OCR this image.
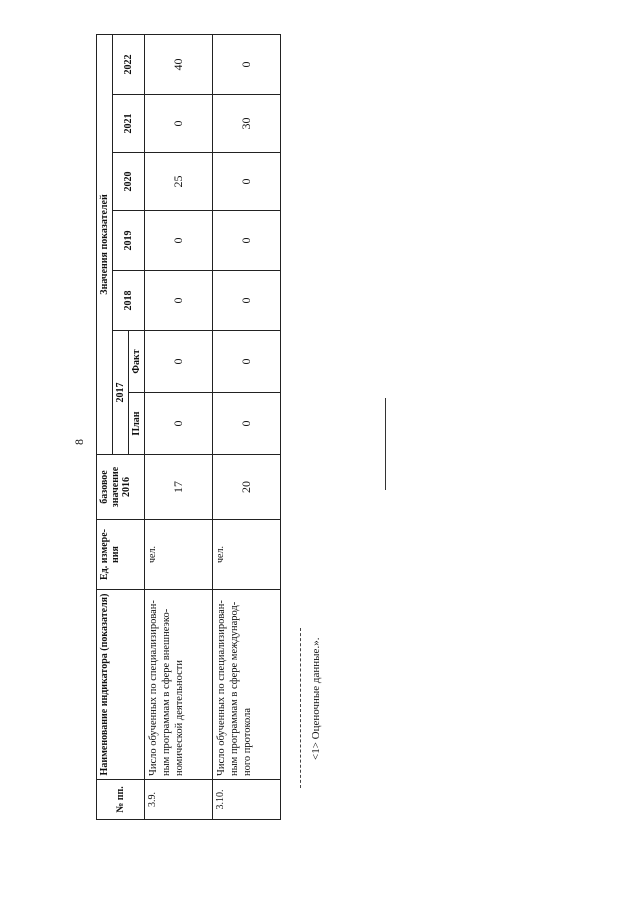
8
№ пп.	Наименование индикатора (показателя)	Ед. измере- ния	базовое значение 2016	Значения показателей						
				2017		2018	2019	2020	2021	2022
				План	Факт					
3.9.	Число обученных по специализирован- ным программам в сфере внешнеэко- номической деятельности	чел.	17	0	0	0	0	25	0	40
3.10.	Число обученных по специализирован- ным программам в сфере международ- ного протокола	чел.	20	0	0	0	0	0	30	0
<1> Оценочные данные.».
